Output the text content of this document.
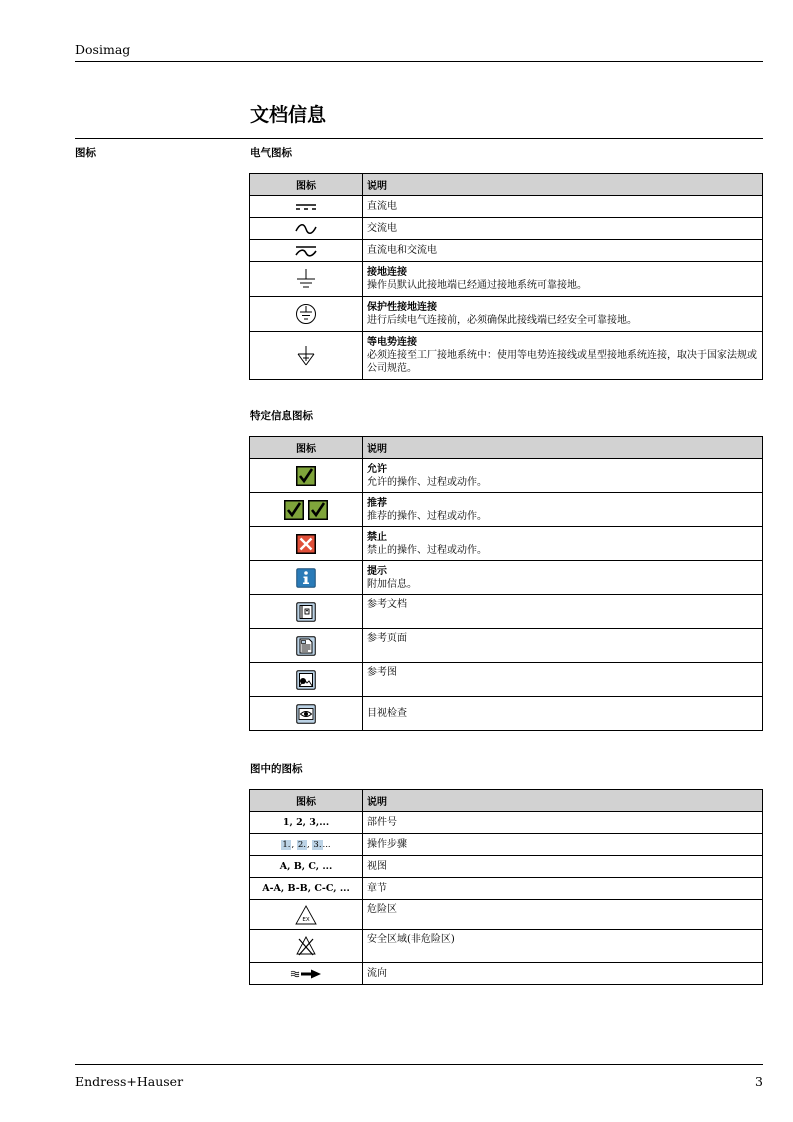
Dosimag
文档信息
图标	电气图标
图标	说明
	直流电
	交流电
	直流电和交流电

接地连接
操作员默认此接地端已经通过接地系统可靠接地。

保护性接地连接
进行后续电气连接前，必须确保此接线端已经安全可靠接地。

等电势连接
必须连接至工厂接地系统中：使用等电势连接线或星型接地系统连接，取决于国家法规或公司规范。
特定信息图标
图标	说明

允许
允许的操作、过程或动作。

推荐
推荐的操作、过程或动作。

禁止
禁止的操作、过程或动作。

提示
附加信息。

	参考文档
	参考页面
	参考图
	目视检查
图中的图标
图标	说明
1, 2, 3,...	部件号
1., 2., 3....	操作步骤
A, B, C, ...	视图
A-A, B-B, C-C, ...	章节

EX	危险区
	安全区域(非危险区)
	流向
Endress+Hauser	3
